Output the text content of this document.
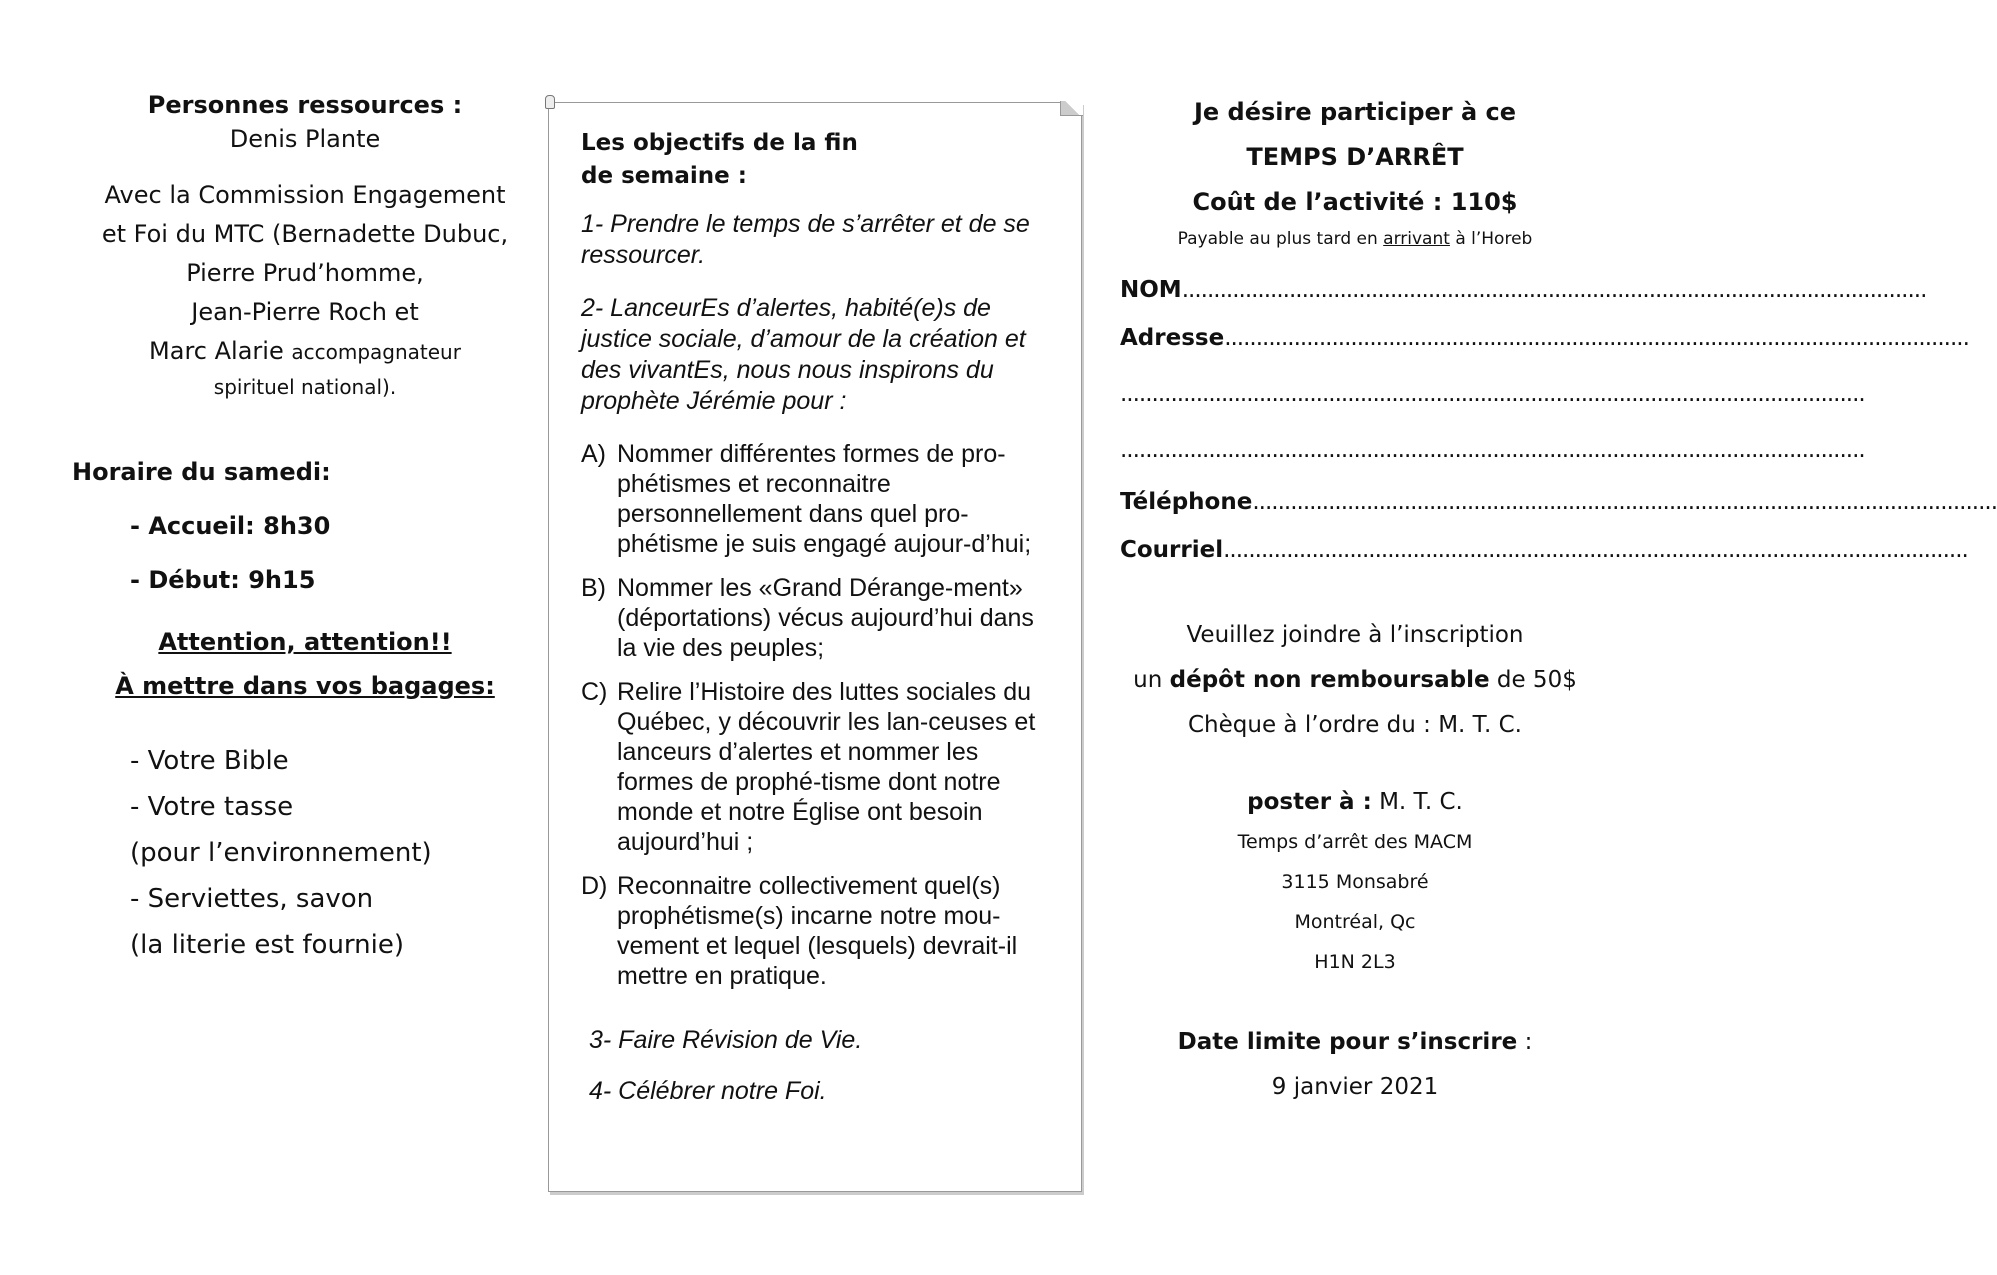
Personnes ressources :
Denis Plante
Avec la Commission Engagement
et Foi du MTC (Bernadette Dubuc,
Pierre Prud’homme,
Jean-Pierre Roch et
Marc Alarie accompagnateur
spirituel national).
Horaire du samedi:
- Accueil: 8h30
- Début: 9h15
Attention, attention!!
À mettre dans vos bagages:
- Votre Bible
- Votre tasse
(pour l’environnement)
- Serviettes, savon
(la literie est fournie)
Les objectifs de la fin
de semaine :
1- Prendre le temps de s’arrêter et de se ressourcer.
2- LanceurEs d’alertes, habité(e)s de justice sociale, d’amour de la création et des vivantEs, nous nous inspirons du prophète Jérémie pour :
A) Nommer différentes formes de pro-phétismes et reconnaitre personnellement dans quel pro-phétisme je suis engagé aujour-d’hui;
B) Nommer les «Grand Dérange-ment» (déportations) vécus aujourd’hui dans la vie des peuples;
C) Relire l’Histoire des luttes sociales du Québec, y découvrir les lan-ceuses et lanceurs d’alertes et nommer les formes de prophé-tisme dont notre monde et notre Église ont besoin aujourd’hui ;
D) Reconnaitre collectivement quel(s) prophétisme(s) incarne notre mou-vement et lequel (lesquels) devrait-il mettre en pratique.
3- Faire Révision de Vie.
4- Célébrer notre Foi.
Je désire participer à ce
TEMPS D’ARRÊT
Coût de l’activité : 110$
Payable au plus tard en arrivant à l’Horeb
NOM......................................................................................................................
Adresse......................................................................................................................
......................................................................................................................
......................................................................................................................
Téléphone......................................................................................................................
Courriel......................................................................................................................
Veuillez joindre à l’inscription
un dépôt non remboursable de 50$
Chèque à l’ordre du : M. T. C.
poster à : M. T. C.
Temps d’arrêt des MACM
3115 Monsabré
Montréal, Qc
H1N 2L3
Date limite pour s’inscrire :
9 janvier 2021
